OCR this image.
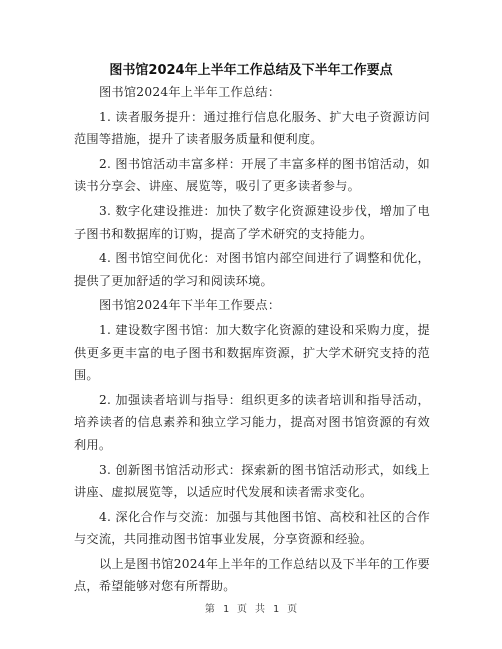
图书馆2024年上半年工作总结及下半年工作要点

图书馆2024年上半年工作总结：

1. 读者服务提升：通过推行信息化服务、扩大电子资源访问范围等措施，提升了读者服务质量和便利度。

2. 图书馆活动丰富多样：开展了丰富多样的图书馆活动，如读书分享会、讲座、展览等，吸引了更多读者参与。

3. 数字化建设推进：加快了数字化资源建设步伐，增加了电子图书和数据库的订购，提高了学术研究的支持能力。

4. 图书馆空间优化：对图书馆内部空间进行了调整和优化，提供了更加舒适的学习和阅读环境。

图书馆2024年下半年工作要点：

1. 建设数字图书馆：加大数字化资源的建设和采购力度，提供更多更丰富的电子图书和数据库资源，扩大学术研究支持的范围。

2. 加强读者培训与指导：组织更多的读者培训和指导活动，培养读者的信息素养和独立学习能力，提高对图书馆资源的有效利用。

3. 创新图书馆活动形式：探索新的图书馆活动形式，如线上讲座、虚拟展览等，以适应时代发展和读者需求变化。

4. 深化合作与交流：加强与其他图书馆、高校和社区的合作与交流，共同推动图书馆事业发展，分享资源和经验。

以上是图书馆2024年上半年的工作总结以及下半年的工作要点，希望能够对您有所帮助。

第 1 页 共 1 页
